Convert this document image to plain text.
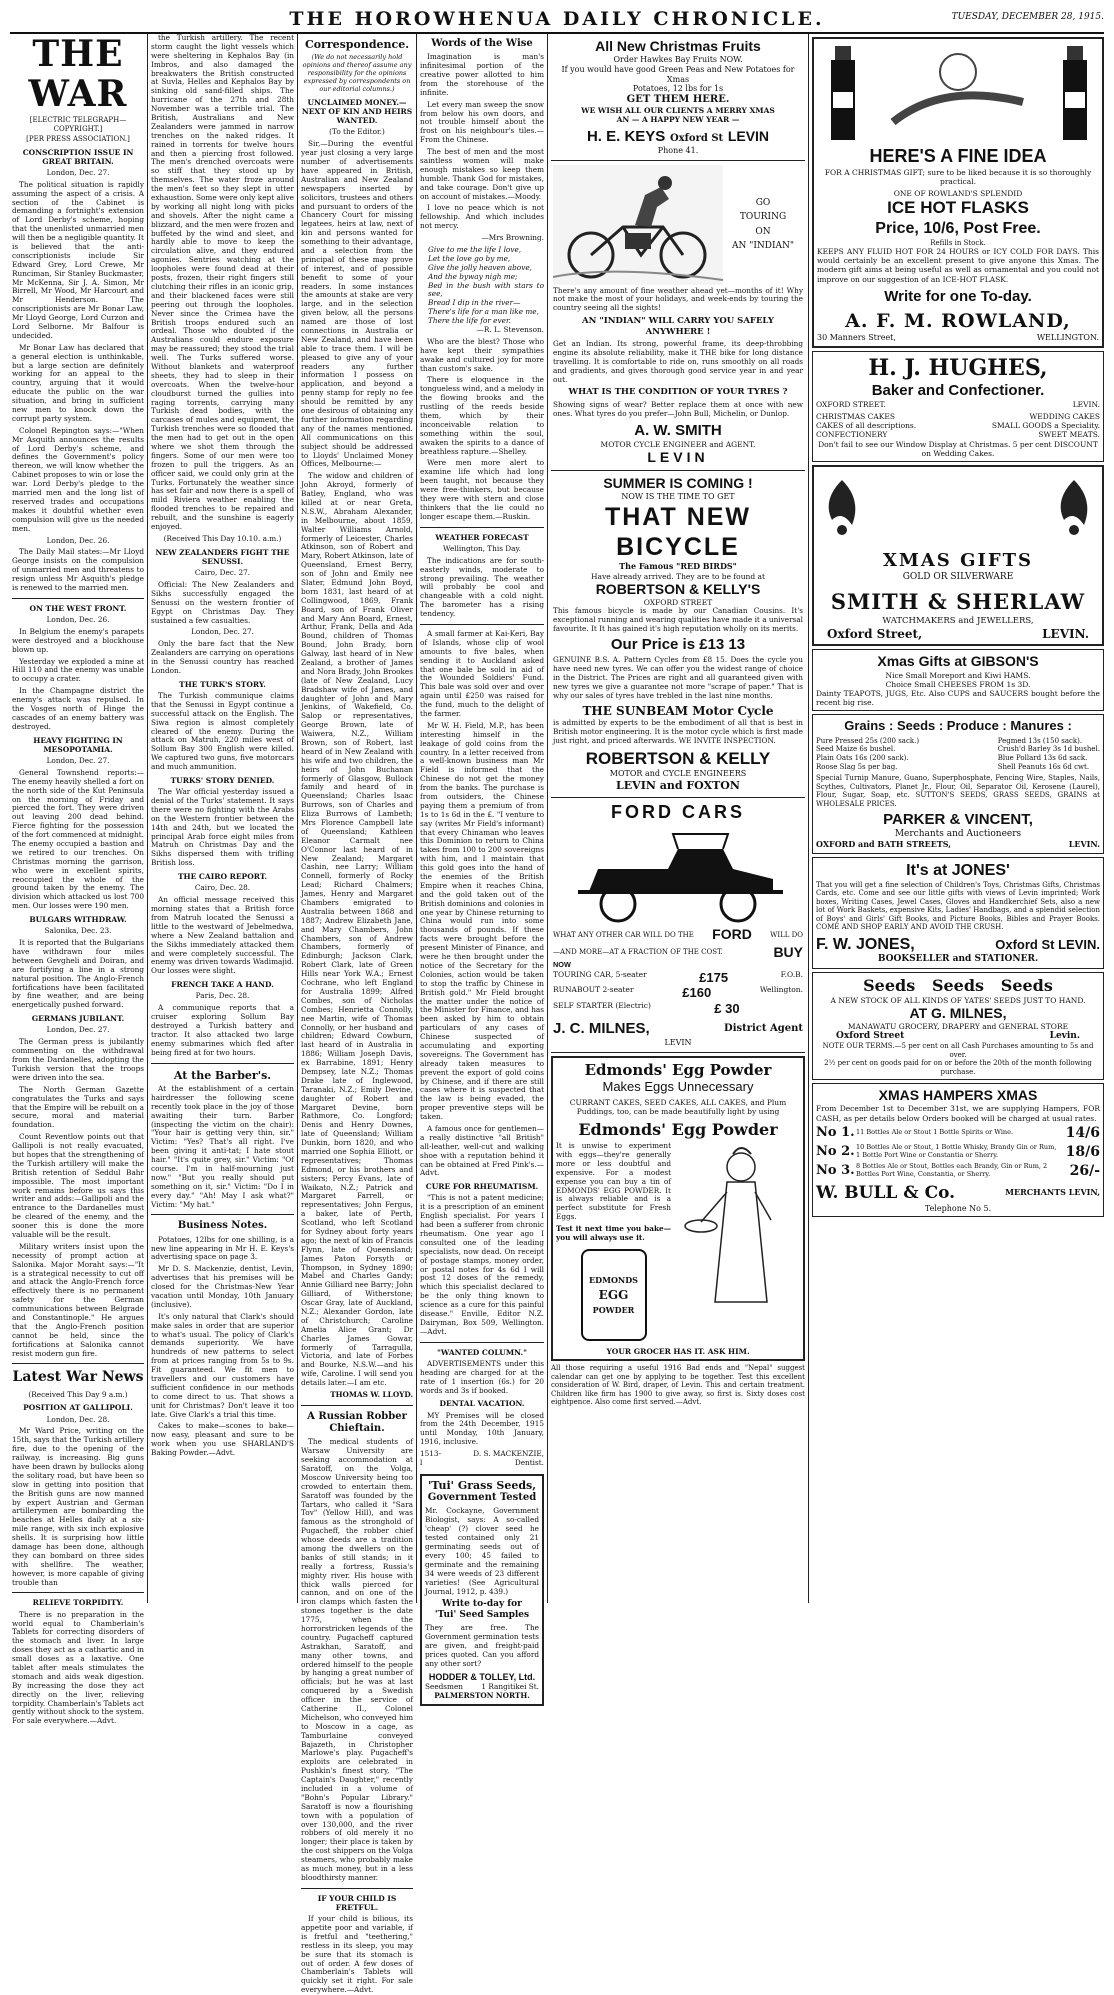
THE HOROWHENUA DAILY CHRONICLE.	TUESDAY, DECEMBER 28, 1915.
THE WAR
[ELECTRIC TELEGRAPH—COPYRIGHT.]
[PER PRESS ASSOCIATION.]
CONSCRIPTION ISSUE IN GREAT BRITAIN.

London, Dec. 27.

The political situation is rapidly assuming the aspect of a crisis. A section of the Cabinet is demanding a fortnight's extension of Lord Derby's scheme, hoping that the unenlisted unmarried men will then be a negligible quantity. It is believed that the anti-conscriptionists include Sir Edward Grey, Lord Crewe, Mr Runciman, Sir Stanley Buckmaster, Mr McKenna, Sir J. A. Simon, Mr Birrell, Mr Wood, Mr Harcourt and Mr Henderson. The conscriptionists are Mr Bonar Law, Mr Lloyd George, Lord Curzon and Lord Selborne. Mr Balfour is undecided.

Mr Bonar Law has declared that a general election is unthinkable, but a large section are definitely working for an appeal to the country, arguing that it would educate the public on the war situation, and bring in sufficient new men to knock down the corrupt party system.

Colonel Repington says:—"When Mr Asquith announces the results of Lord Derby's scheme, and defines the Government's policy thereon, we will know whether the Cabinet proposes to win or lose the war. Lord Derby's pledge to the married men and the long list of reserved trades and occupations makes it doubtful whether even compulsion will give us the needed men.

London, Dec. 26.

The Daily Mail states:—Mr Lloyd George insists on the compulsion of unmarried men and threatens to resign unless Mr Asquith's pledge is renewed to the married men.

ON THE WEST FRONT.

London, Dec. 26.

In Belgium the enemy's parapets were destroyed and a blockhouse blown up.

Yesterday we exploded a mine at Hill 110 and the enemy was unable to occupy a crater.

In the Champagne district the enemy's attack was repulsed. In the Vosges north of Hinge the cascades of an enemy battery was destroyed.

HEAVY FIGHTING IN MESOPOTAMIA.

London, Dec. 27.

General Townshend reports:—The enemy heavily shelled a fort on the north side of the Kut Peninsula on the morning of Friday and pierced the fort. They were driven out leaving 200 dead behind. Fierce fighting for the possession of the fort commenced at midnight. The enemy occupied a bastion and we retired to our trenches. On Christmas morning the garrison, who were in excellent spirits, reoccupied the whole of the ground taken by the enemy. The division which attacked us lost 700 men. Our losses were 190 men.

BULGARS WITHDRAW.

Salonika, Dec. 23.

It is reported that the Bulgarians have withdrawn four miles between Gevgheli and Doiran, and are fortifying a line in a strong natural position. The Anglo-French fortifications have been facilitated by fine weather, and are being energetically pushed forward.

GERMANS JUBILANT.

London, Dec. 27.

The German press is jubilantly commenting on the withdrawal from the Dardanelles, adopting the Turkish version that the troops were driven into the sea.

The North German Gazette congratulates the Turks and says that the Empire will be rebuilt on a secure, moral and material foundation.

Count Reventlow points out that Gallipoli is not really evacuated, but hopes that the strengthening of the Turkish artillery will make the British retention of Seddul Bahr impossible. The most important work remains before us says this writer and adds:—Gallipoli and the entrance to the Dardanelles must be cleared of the enemy, and the sooner this is done the more valuable will be the result.

Military writers insist upon the necessity of prompt action at Salonika. Major Moraht says:—"It is a strategical necessity to cut off and attack the Anglo-French force effectively there is no permanent safety for the German communications between Belgrade and Constantinople." He argues that the Anglo-French position cannot be held, since the fortifications at Salonika cannot resist modern gun fire.

Latest War News

(Received This Day 9 a.m.)

POSITION AT GALLIPOLI.

London, Dec. 28.

Mr Ward Price, writing on the 15th, says that the Turkish artillery fire, due to the opening of the railway, is increasing. Big guns have been drawn by bullocks along the solitary road, but have been so slow in getting into position that the British guns are now manned by expert Austrian and German artillerymen are bombarding the beaches at Helles daily at a six-mile range, with six inch explosive shells. It is surprising how little damage has been done, although they can bombard on three sides with shellfire. The weather, however, is more capable of giving trouble than

RELIEVE TORPIDITY.

There is no preparation in the world equal to Chamberlain's Tablets for correcting disorders of the stomach and liver. In large doses they act as a cathartic and in small doses as a laxative. One tablet after meals stimulates the stomach and aids weak digestion. By increasing the dose they act directly on the liver, relieving torpidity. Chamberlain's Tablets act gently without shock to the system. For sale everywhere.—Advt.

the Turkish artillery. The recent storm caught the light vessels which were sheltering in Kephalos Bay (in Imbros, and also damaged the breakwaters the British constructed at Suvla, Helles and Kephalos Bay by sinking old sand-filled ships. The hurricane of the 27th and 28th November was a terrible trial. The British, Australians and New Zealanders were jammed in narrow trenches on the naked ridges. It rained in torrents for twelve hours and then a piercing frost followed. The men's drenched overcoats were so stiff that they stood up by themselves. The water froze around the men's feet so they slept in utter exhaustion. Some were only kept alive by working all night long with picks and shovels. After the night came a blizzard, and the men were frozen and buffeted by the wind and sleet, and hardly able to move to keep the circulation alive, and they endured agonies. Sentries watching at the loopholes were found dead at their posts, frozen, their right fingers still clutching their rifles in an iconic grip, and their blackened faces were still peering out through the loopholes. Never since the Crimea have the British troops endured such an ordeal. Those who doubted if the Australians could endure exposure may be reassured; they stood the trial well. The Turks suffered worse. Without blankets and waterproof sheets, they had to sleep in their overcoats. When the twelve-hour cloudburst turned the gullies into raging torrents, carrying many Turkish dead bodies, with the carcases of mules and equipment, the Turkish trenches were so flooded that the men had to get out in the open where we shot them through the fingers. Some of our men were too frozen to pull the triggers. As an officer said, we could only grin at the Turks. Fortunately the weather since has set fair and now there is a spell of mild Riviera weather enabling the flooded trenches to be repaired and rebuilt, and the sunshine is eagerly enjoyed.

(Received This Day 10.10. a.m.)

NEW ZEALANDERS FIGHT THE SENUSSI.

Cairo, Dec. 27.

Official: The New Zealanders and Sikhs successfully engaged the Senussi on the western frontier of Egypt on Christmas Day. They sustained a few casualties.

London, Dec. 27.

Only the bare fact that the New Zealanders are carrying on operations in the Senussi country has reached London.

THE TURK'S STORY.

The Turkish communique claims that the Senussi in Egypt continue a successful attack on the English. The Siwa region is almost completely cleared of the enemy. During the attack on Matruh, 220 miles west of Sollum Bay 300 English were killed. We captured two guns, five motorcars and much ammunition.

TURKS' STORY DENIED.

The War official yesterday issued a denial of the Turks' statement. It says there were no fighting with the Arabs on the Western frontier between the 14th and 24th, but we located the principal Arab force eight miles from Matruh on Christmas Day and the Sikhs dispersed them with trifling British loss.

THE CAIRO REPORT.

Cairo, Dec. 28.

An official message received this morning states that a British force from Matruh located the Senussi a little to the westward of Jebelmedwa, where a New Zealand battalion and the Sikhs immediately attacked them and were completely successful. The enemy was driven towards Wadimajid. Our losses were slight.

FRENCH TAKE A HAND.

Paris, Dec. 28.

A communique reports that a cruiser exploring Sollum Bay destroyed a Turkish battery and tractor. It also attacked two large enemy submarines which fled after being fired at for two hours.

At the Barber's.

At the establishment of a certain hairdresser the following scene recently took place in the joy of those awaiting their turn. Barber (inspecting the victim on the chair): "Your hair is getting very thin, sir." Victim: "Yes? That's all right. I've been giving it anti-tat; I hate stout hair." "It's quite grey, sir." Victim: "Of course. I'm in half-mourning just now." "But you really should put something on it, sir." Victim: "Do I in every day." "Ah! May I ask what?" Victim: "My hat."

Business Notes.

Potatoes, 12lbs for one shilling, is a new line appearing in Mr H. E. Keys's advertising space on page 3.

Mr D. S. Mackenzie, dentist, Levin, advertises that his premises will be closed for the Christmas-New Year vacation until Monday, 10th January (inclusive).

It's only natural that Clark's should make sales in order that are superior to what's usual. The policy of Clark's demands superiority. We have hundreds of new patterns to select from at prices ranging from 5s to 9s. Fit guaranteed. We fit men to travellers and our customers have sufficient confidence in our methods to come direct to us. That shows a unit for Christmas? Don't leave it too late. Give Clark's a trial this time.

Cakes to make—scones to bake—now easy, pleasant and sure to be work when you use SHARLAND'S Baking Powder.—Advt.

Correspondence.

(We do not necessarily hold opinions and thereof assume any responsibility for the opinions expressed by correspondents on our editorial columns.)

UNCLAIMED MONEY.—NEXT OF KIN AND HEIRS WANTED.

(To the Editor.)

Sir,—During the eventful year just closing a very large number of advertisements have appeared in British, Australian and New Zealand newspapers inserted by solicitors, trustees and others and pursuant to orders of the Chancery Court for missing legatees, heirs at law, next of kin and persons wanted for something to their advantage, and a selection from the principal of these may prove of interest, and of possible benefit to some of your readers. In some instances the amounts at stake are very large, and in the selection given below, all the persons named are those of lost connections in Australia or New Zealand, and have been able to trace them. I will be pleased to give any of your readers any further information I possess on application, and beyond a penny stamp for reply no fee should be remitted by any one desirous of obtaining any further information regarding any of the names mentioned. All communications on this subject should be addressed to Lloyds' Unclaimed Money Offices, Melbourne:—

The widow and children of John Akroyd, formerly of Batley, England, who was killed at or near Greta, N.S.W., Abraham Alexander, in Melbourne, about 1859, Walter Williams Arnold, formerly of Leicester, Charles Atkinson, son of Robert and Mary, Robert Atkinson, late of Queensland, Ernest Berry, son of John and Emily nee Slater, Edmund John Boyd, born 1831, last heard of at Collingwood, 1869, Frank Board, son of Frank Oliver and Mary Ann Board, Ernest, Arthur, Frank, Della and Ada Bound, children of Thomas Bound, John Brady, born Galway, last heard of in New Zealand, a brother of James and Nora Brady, John Brookes (late of New Zealand, Lucy Bradshaw wife of James, and daughter of John and Mary Jenkins, of Wakefield, Co. Salop or representatives, George Brown, late of Waiwera, N.Z., William Brown, son of Robert, last heard of in New Zealand with his wife and two children, the heirs of John Buchanan formerly of Glasgow, Bullock family and heard of in Queensland; Charles Isaac Burrows, son of Charles and Eliza Burrows of Lambeth; Mrs Florence Campbell late of Queensland; Kathleen Eleanor Carmalt nee O'Connor last heard of in New Zealand; Margaret Cashin, nee Larry; William Connell, formerly of Rocky Lead; Richard Chalmers; James, Henry and Margaret Chambers emigrated to Australia between 1868 and 1887; Andrew Elizabeth Jane, and Mary Chambers, John Chambers, son of Andrew Chambers, formerly of Edinburgh; Jackson Clark, Robert Clark, late of Green Hills near York W.A.; Ernest Cochrane, who left England for Australia 1899; Alfred Combes, son of Nicholas Combes; Henrietta Connolly, nee Martin, wife of Thomas Connolly, or her husband and children; Edward Cowburn, last heard of in Australia in 1886; William Joseph Davis, ex Barrabine, 1891; Henry Dempsey, late N.Z.; Thomas Drake late of Inglewood, Taranaki, N.Z.; Emily Devine, daughter of Robert and Margaret Devine, born Rathmore, Co. Longford; Denis and Henry Downes, late of Queensland; William Dunkin, born 1820, and who married one Sophia Elliott, or representatives; Thomas Edmond, or his brothers and sisters; Percy Evans, late of Waikato, N.Z.; Patrick and Margaret Farrell, or representatives; John Fergus, a baker, late of Perth, Scotland, who left Scotland for Sydney about forty years ago; the next of kin of Francis Flynn, late of Queensland; James Paton Forsyth or Thompson, in Sydney 1890; Mabel and Charles Gandy; Annie Gilliard nee Barry; John Gilliard, of Witherstone; Oscar Gray, late of Auckland, N.Z.; Alexander Gordon, late of Christchurch; Caroline Amelia Alice Grant; Dr Charles James Gowar, formerly of Tarragulla, Victoria, and late of Forbes and Bourke, N.S.W.—and his wife, Caroline. I will send you details later.—I am etc.

THOMAS W. LLOYD.

A Russian Robber Chieftain.

The medical students of Warsaw University are seeking accommodation at Saratoff, on the Volga, Moscow University being too crowded to entertain them. Saratoff was founded by the Tartars, who called it "Sara Tov" (Yellow Hill), and was famous as the stronghold of Pugacheff, the robber chief whose deeds are a tradition among the dwellers on the banks of still stands; in it really a fortress, Russia's mighty river. His house with thick walls pierced for cannon, and on one of the iron clamps which fasten the stones together is the date 1775, when the horrorstricken legends of the country. Pugacheff captured Astrakhan, Saratoff, and many other towns, and ordered himself to the people by hanging a great number of officials; but he was at last conquered by a Swedish officer in the service of Catherine II., Colonel Michelson, who conveyed him to Moscow in a cage, as Tamburlaine conveyed Bajazeth, in Christopher Marlowe's play. Pugacheff's exploits are celebrated in Pushkin's finest story, "The Captain's Daughter," recently included in a volume of "Bohn's Popular Library." Saratoff is now a flourishing town with a population of over 130,000, and the river robbers of old merely it no longer; their place is taken by the cost shippers on the Volga steamers, who probably make as much money, but in a less bloodthirsty manner.

IF YOUR CHILD IS FRETFUL.

If your child is bilious, its appetite poor and variable, if is fretful and "teethering," restless in its sleep, you may be sure that its stomach is out of order. A few doses of Chamberlain's Tablets will quickly set it right. For sale everywhere.—Advt.

Words of the Wise

Imagination is man's infinitesimal portion of the creative power allotted to him from the storehouse of the infinite.

Let every man sweep the snow from below his own doors, and not trouble himself about the frost on his neighbour's tiles.—From the Chinese.

The best of men and the most saintless women will make enough mistakes so keep them humble. Thank God for mistakes, and take courage. Don't give up on account of mistakes.—Moody.

I love no peace which is not fellowship. And which includes not mercy.

—Mrs Browning.

Give to me the life I love,
Let the love go by me,
Give the jolly heaven above,
And the byway nigh me;
Bed in the bush with stars to see,
Bread I dip in the river—
There's life for a man like me,
There the life for ever.

—R. L. Stevenson.

Who are the blest? Those who have kept their sympathies awake and cultured joy for more than custom's sake.

There is eloquence in the tongueless wind, and a melody in the flowing brooks and the rustling of the reeds beside them, which by their inconceivable relation to something within the soul, awaken the spirits to a dance of breathless rapture.—Shelley.

Were men more alert to examine life which had long been taught, not because they were free-thinkers, but because they were with stern and close thinkers that the lie could no longer escape them.—Ruskin.

WEATHER FORECAST

Wellington, This Day.

The indications are for south-easterly winds, moderate to strong prevailing. The weather will probably be cool and changeable with a cold night. The barometer has a rising tendency.

A small farmer at Kai-Keri, Bay of Islands, whose clip of wool amounts to five bales, when sending it to Auckland asked that one bale be sold in aid of the Wounded Soldiers' Fund. This bale was sold over and over again until £250 was raised for the fund, much to the delight of the farmer.

Mr W. H. Field, M.P., has been interesting himself in the leakage of gold coins from the country. In a letter received from a well-known business man Mr Field is informed that the Chinese do not get the money from the banks. The purchase is from outsiders, the Chinese paying them a premium of from 1s to 1s 6d in the £. "I venture to say (writes Mr Field's informant) that every Chinaman who leaves this Dominion to return to China takes from 100 to 200 sovereigns with him, and I maintain that this gold goes into the hand of the enemies of the British Empire when it reaches China, and the gold taken out of the British dominions and colonies in one year by Chinese returning to China would run into some thousands of pounds. If these facts were brought before the present Minister of Finance, and were he then brought under the notice of the Secretary for the Colonies, action would be taken to stop the traffic by Chinese in British gold." Mr Field brought the matter under the notice of the Minister for Finance, and has been asked by him to obtain particulars of any cases of Chinese suspected of accumulating and exporting sovereigns. The Government has already taken measures to prevent the export of gold coins by Chinese, and if there are still cases where it is suspected that the law is being evaded, the proper preventive steps will be taken.

A famous once for gentlemen—a really distinctive "all British" all-leather, well-cut and walking shoe with a reputation behind it can be obtained at Fred Pink's.—Advt.

CURE FOR RHEUMATISM.

"This is not a patent medicine; it is a prescription of an eminent English specialist. For years I had been a sufferer from chronic rheumatism. One year ago I consulted one of the leading specialists, now dead. On receipt of postage stamps, money order, or postal notes for 4s 6d I will post 12 doses of the remedy, which this specialist declared to be the only thing known to science as a cure for this painful disease." Enville, Editor N.Z. Dairyman, Box 509, Wellington.—Advt.

"WANTED COLUMN."

ADVERTISEMENTS under this heading are charged for at the rate of 1 insertion (6s.) for 20 words and 3s if booked.

DENTAL VACATION.

MY Premises will be closed from the 24th December, 1915 until Monday, 10th January, 1916, inclusive.

1513-l
D. S. MACKENZIE, Dentist.
'Tui' Grass Seeds,
Government Tested
Mr. Cockayne, Government Biologist, says: A so-called 'cheap' (?) clover seed he tested contained only 21 germinating seeds out of every 100; 45 failed to germinate and the remaining 34 were weeds of 23 different varieties! (See Agricultural Journal, 1912, p. 439.)
Write to-day for
'Tui' Seed Samples
They are free. The Government germination tests are given, and freight-paid prices quoted. Can you afford any other sort?
HODDER & TOLLEY, Ltd.
Seedsmen	1 Rangitikei St.
PALMERSTON NORTH.
All New Christmas Fruits
Order Hawkes Bay Fruits NOW.
If you would have good Green Peas and New Potatoes for Xmas
Potatoes, 12 lbs for 1s
GET THEM HERE.
WE WISH ALL OUR CLIENTS A MERRY XMAS
AN — A HAPPY NEW YEAR —
H. E. KEYS Oxford St LEVIN
Phone 41.
GO
TOURING
ON
AN "INDIAN"
There's any amount of fine weather ahead yet—months of it! Why not make the most of your holidays, and week-ends by touring the country seeing all the sights!
AN "INDIAN" WILL CARRY YOU SAFELY ANYWHERE !
Get an Indian. Its strong, powerful frame, its deep-throbbing engine its absolute reliability, make it THE bike for long distance travelling. It is comfortable to ride on, runs smoothly on all roads and gradients, and gives thorough good service year in and year out.
WHAT IS THE CONDITION OF YOUR TYRES ?
Showing signs of wear? Better replace them at once with new ones. What tyres do you prefer—John Bull, Michelin, or Dunlop.
A. W. SMITH
MOTOR CYCLE ENGINEER and AGENT.
LEVIN
SUMMER IS COMING !
NOW IS THE TIME TO GET
THAT NEW BICYCLE
The Famous "RED BIRDS"
Have already arrived. They are to be found at
ROBERTSON & KELLY'S
OXFORD STREET
This famous bicycle is made by our Canadian Cousins. It's exceptional running and wearing qualities have made it a universal favourite. It It has gained it's high reputation wholly on its merits.
Our Price is £13 13
GENUINE B.S. A. Pattern Cycles from £8 15. Does the cycle you have need new tyres. We can offer you the widest range of choice in the District. The Prices are right and all guaranteed given with new tyres we give a guarantee not more "scrape of paper." That is why our sales of tyres have trebled in the last nine months.
THE SUNBEAM Motor Cycle
is admitted by experts to be the embodiment of all that is best in British motor engineering. It is the motor cycle which is first made just right, and priced afterwards. WE INVITE INSPECTION.
ROBERTSON & KELLY
MOTOR and CYCLE ENGINEERS
LEVIN and FOXTON
FORD CARS
WHAT ANY OTHER CAR WILL DO THE FORD	WILL DO
—AND MORE—AT A FRACTION OF THE COST.	BUY
NOW
TOURING CAR, 5-seater	£175	F.O.B.
RUNABOUT 2-seater	£160	Wellington.
SELF STARTER (Electric)	£ 30
J. C. MILNES,	District Agent
LEVIN
Edmonds' Egg Powder
Makes Eggs Unnecessary
CURRANT CAKES, SEED CAKES, ALL CAKES, and Plum Puddings, too, can be made beautifully light by using
Edmonds' Egg Powder
It is unwise to experiment with eggs—they're generally more or less doubtful and expensive. For a modest expense you can buy a tin of EDMONDS' EGG POWDER. It is always reliable and is a perfect substitute for Fresh Eggs.
Test it next time you bake—you will always use it.
EDMONDS
EGG
POWDER
YOUR GROCER HAS IT. ASK HIM.
All those requiring a useful 1916 Bad ends and "Nepal" suggest calendar can get one by applying to be together. Test this excellent consideration of W. Bird, draper, of Levin. This and certain treatment. Children like firm has 1900 to give away, so first is. Sixty doses cost eightpence. Also come first served.—Advt.
HERE'S A FINE IDEA
FOR A CHRISTMAS GIFT; sure to be liked because it is so thoroughly practical.
ONE OF ROWLAND'S SPLENDID
ICE HOT FLASKS
Price, 10/6, Post Free.
Refills in Stock.
KEEPS ANY FLUID HOT FOR 24 HOURS or ICY COLD FOR DAYS. This would certainly be an excellent present to give anyone this Xmas. The modern gift aims at being useful as well as ornamental and you could not improve on our suggestion of an ICE-HOT FLASK.
Write for one To-day.
A. F. M. ROWLAND,
30 Manners Street,	WELLINGTON.
H. J. HUGHES,
Baker and Confectioner.
OXFORD STREET.	LEVIN.
CHRISTMAS CAKES	WEDDING CAKES
CAKES of all descriptions.	SMALL GOODS a Speciality.
CONFECTIONERY	SWEET MEATS.
Don't fail to see our Window Display at Christmas. 5 per cent DISCOUNT on Wedding Cakes.
XMAS GIFTS
GOLD OR SILVERWARE
SMITH & SHERLAW
WATCHMAKERS and JEWELLERS,
Oxford Street,	LEVIN.
Xmas Gifts at GIBSON'S
Nice Small Moreport and Kiwi HAMS.
Choice Small CHEESES FROM 1s 3D.
Dainty TEAPOTS, JUGS, Etc. Also CUPS and SAUCERS bought before the recent big rise.
Grains : Seeds : Produce : Manures :
Pure Pressed 25s (200 sack.)
Seed Maize 6s bushel.
Plain Oats 16s (200 sack).
Roose Slag 5s per bag.
Pegmed 13s (150 sack).
Crush'd Barley 3s 1d bushel.
Blue Pollard 13s 6d sack.
Shell Peanuts 16s 6d cwt.
Special Turnip Manure, Guano, Superphosphate, Fencing Wire, Staples, Nails, Scythes, Cultivators, Planet Jr., Flour, Oil, Separator Oil, Kerosene (Laurel), Flour, Sugar, Soap, etc. SUTTON'S SEEDS, GRASS SEEDS, GRAINS at WHOLESALE PRICES.
PARKER & VINCENT,
Merchants and Auctioneers
OXFORD and BATH STREETS,	LEVIN.
It's at JONES'
That you will get a fine selection of Children's Toys, Christmas Gifts, Christmas Cards, etc. Come and see our little gifts with views of Levin imprinted; Work boxes, Writing Cases, Jewel Cases, Gloves and Handkerchief Sets, also a new lot of Work Baskets, expensive Kits, Ladies' Handbags, and a splendid selection of Boys' and Girls' Gift Books, and Picture Books, Bibles and Prayer Books. COME AND SHOP EARLY AND AVOID THE CRUSH.
F. W. JONES,	Oxford St LEVIN.
BOOKSELLER and STATIONER.
Seeds   Seeds   Seeds
A NEW STOCK OF ALL KINDS OF YATES' SEEDS JUST TO HAND.
AT G. MILNES,
MANAWATU GROCERY, DRAPERY and GENERAL STORE
Oxford Street	Levin.
NOTE OUR TERMS.—5 per cent on all Cash Purchases amounting to 5s and over.
2½ per cent on goods paid for on or before the 20th of the month following purchase.
XMAS HAMPERS XMAS
From December 1st to December 31st, we are supplying Hampers, FOR CASH, as per details below Orders booked will be charged at usual rates.
No 1. 11 Bottles Ale or Stout 1 Bottle Spirits or Wine.	14/6
No 2. 10 Bottles Ale or Stout, 1 Bottle Whisky, Brandy Gin or Rum, 1 Bottle Port Wine or Constantia or Sherry.	18/6
No 3. 8 Bottles Ale or Stout, Bottles each Brandy, Gin or Rum, 2 Bottles Port Wine, Constantia, or Sherry.	26/-
W. BULL & Co.	MERCHANTS LEVIN,
Telephone No 5.
